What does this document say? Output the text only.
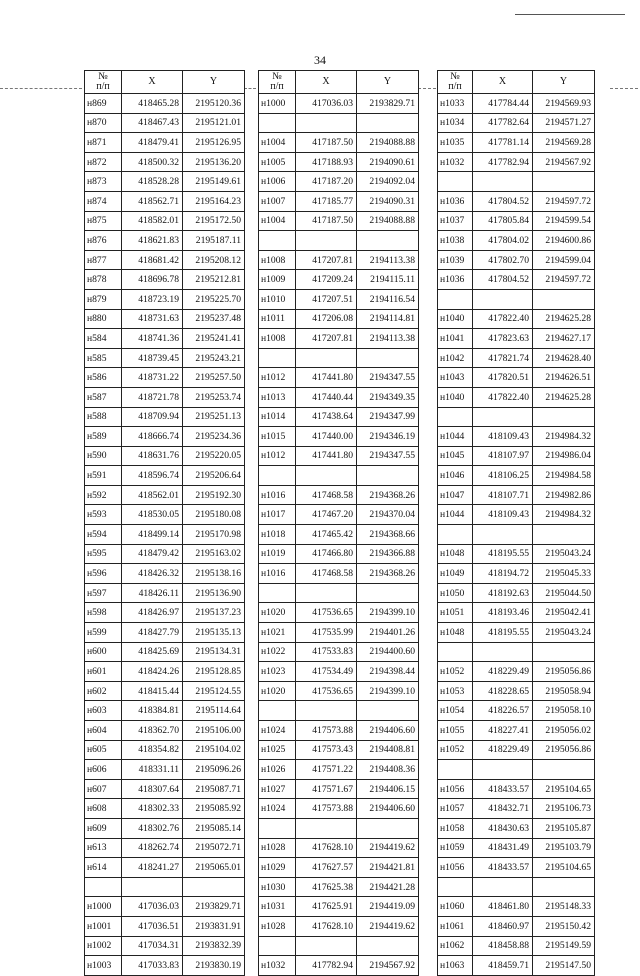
34
№
п/п	X	Y
н869	418465.28	2195120.36
н870	418467.43	2195121.01
н871	418479.41	2195126.95
н872	418500.32	2195136.20
н873	418528.28	2195149.61
н874	418562.71	2195164.23
н875	418582.01	2195172.50
н876	418621.83	2195187.11
н877	418681.42	2195208.12
н878	418696.78	2195212.81
н879	418723.19	2195225.70
н880	418731.63	2195237.48
н584	418741.36	2195241.41
н585	418739.45	2195243.21
н586	418731.22	2195257.50
н587	418721.78	2195253.74
н588	418709.94	2195251.13
н589	418666.74	2195234.36
н590	418631.76	2195220.05
н591	418596.74	2195206.64
н592	418562.01	2195192.30
н593	418530.05	2195180.08
н594	418499.14	2195170.98
н595	418479.42	2195163.02
н596	418426.32	2195138.16
н597	418426.11	2195136.90
н598	418426.97	2195137.23
н599	418427.79	2195135.13
н600	418425.69	2195134.31
н601	418424.26	2195128.85
н602	418415.44	2195124.55
н603	418384.81	2195114.64
н604	418362.70	2195106.00
н605	418354.82	2195104.02
н606	418331.11	2195096.26
н607	418307.64	2195087.71
н608	418302.33	2195085.92
н609	418302.76	2195085.14
н613	418262.74	2195072.71
н614	418241.27	2195065.01

н1000	417036.03	2193829.71
н1001	417036.51	2193831.91
н1002	417034.31	2193832.39
н1003	417033.83	2193830.19
№
п/п	X	Y
н1000	417036.03	2193829.71

н1004	417187.50	2194088.88
н1005	417188.93	2194090.61
н1006	417187.20	2194092.04
н1007	417185.77	2194090.31
н1004	417187.50	2194088.88

н1008	417207.81	2194113.38
н1009	417209.24	2194115.11
н1010	417207.51	2194116.54
н1011	417206.08	2194114.81
н1008	417207.81	2194113.38

н1012	417441.80	2194347.55
н1013	417440.44	2194349.35
н1014	417438.64	2194347.99
н1015	417440.00	2194346.19
н1012	417441.80	2194347.55

н1016	417468.58	2194368.26
н1017	417467.20	2194370.04
н1018	417465.42	2194368.66
н1019	417466.80	2194366.88
н1016	417468.58	2194368.26

н1020	417536.65	2194399.10
н1021	417535.99	2194401.26
н1022	417533.83	2194400.60
н1023	417534.49	2194398.44
н1020	417536.65	2194399.10

н1024	417573.88	2194406.60
н1025	417573.43	2194408.81
н1026	417571.22	2194408.36
н1027	417571.67	2194406.15
н1024	417573.88	2194406.60

н1028	417628.10	2194419.62
н1029	417627.57	2194421.81
н1030	417625.38	2194421.28
н1031	417625.91	2194419.09
н1028	417628.10	2194419.62

н1032	417782.94	2194567.92
№
п/п	X	Y
н1033	417784.44	2194569.93
н1034	417782.64	2194571.27
н1035	417781.14	2194569.28
н1032	417782.94	2194567.92

н1036	417804.52	2194597.72
н1037	417805.84	2194599.54
н1038	417804.02	2194600.86
н1039	417802.70	2194599.04
н1036	417804.52	2194597.72

н1040	417822.40	2194625.28
н1041	417823.63	2194627.17
н1042	417821.74	2194628.40
н1043	417820.51	2194626.51
н1040	417822.40	2194625.28

н1044	418109.43	2194984.32
н1045	418107.97	2194986.04
н1046	418106.25	2194984.58
н1047	418107.71	2194982.86
н1044	418109.43	2194984.32

н1048	418195.55	2195043.24
н1049	418194.72	2195045.33
н1050	418192.63	2195044.50
н1051	418193.46	2195042.41
н1048	418195.55	2195043.24

н1052	418229.49	2195056.86
н1053	418228.65	2195058.94
н1054	418226.57	2195058.10
н1055	418227.41	2195056.02
н1052	418229.49	2195056.86

н1056	418433.57	2195104.65
н1057	418432.71	2195106.73
н1058	418430.63	2195105.87
н1059	418431.49	2195103.79
н1056	418433.57	2195104.65

н1060	418461.80	2195148.33
н1061	418460.97	2195150.42
н1062	418458.88	2195149.59
н1063	418459.71	2195147.50
